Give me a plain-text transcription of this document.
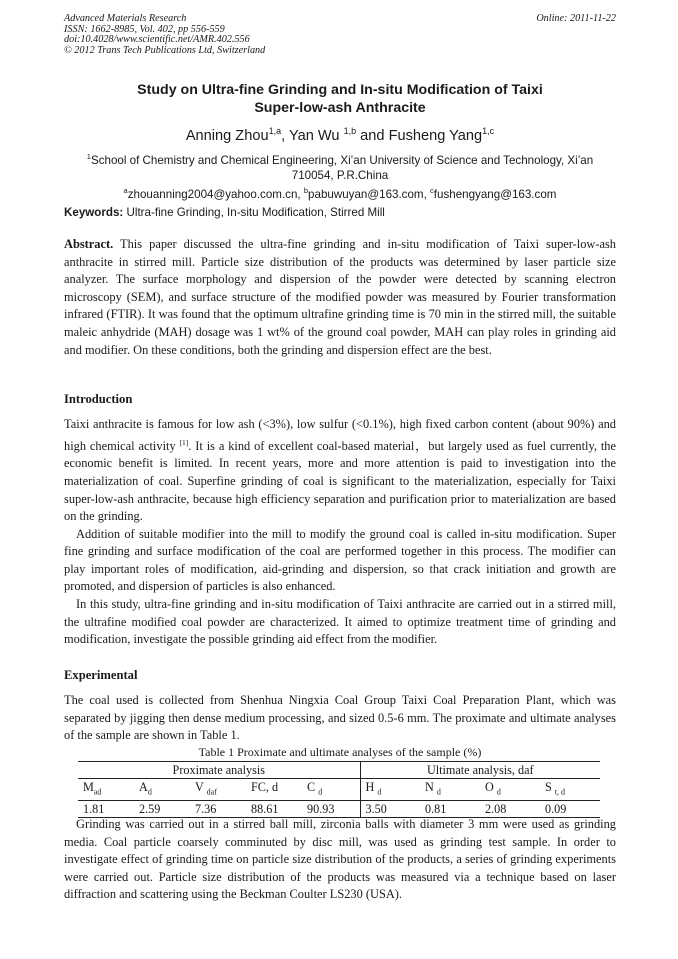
Advanced Materials Research
ISSN: 1662-8985, Vol. 402, pp 556-559
doi:10.4028/www.scientific.net/AMR.402.556
© 2012 Trans Tech Publications Ltd, Switzerland
Online: 2011-11-22
Study on Ultra-fine Grinding and In-situ Modification of Taixi
Super-low-ash Anthracite
Anning Zhou$^{1,a}$, Yan Wu $^{1,b}$ and Fusheng Yang$^{1,c}$
$^1$School of Chemistry and Chemical Engineering, Xi’an University of Science and Technology, Xi’an
710054, P.R.China
$^a$zhouanning2004@yahoo.com.cn, $^b$pabuwuyan@163.com, $^c$fushengyang@163.com
Keywords: Ultra-fine Grinding, In-situ Modification, Stirred Mill
Abstract. This paper discussed the ultra-fine grinding and in-situ modification of Taixi super-low-ash anthracite in stirred mill. Particle size distribution of the products was determined by laser particle size analyzer. The surface morphology and dispersion of the powder were detected by scanning electron microscopy (SEM), and surface structure of the modified powder was measured by Fourier transformation infrared (FTIR). It was found that the optimum ultrafine grinding time is 70 min in the stirred mill, the suitable maleic anhydride (MAH) dosage was 1 wt% of the ground coal powder, MAH can play roles in grinding aid and modifier. On these conditions, both the grinding and dispersion effect are the best.
Introduction

Taixi anthracite is famous for low ash (<3%), low sulfur (<0.1%), high fixed carbon content (about 90%) and high chemical activity [1]. It is a kind of excellent coal-based material，but largely used as fuel currently, the economic benefit is limited. In recent years, more and more attention is paid to investigation into the materialization of coal. Superfine grinding of coal is significant to the materialization, especially for Taixi super-low-ash anthracite, because high efficiency separation and purification prior to materialization are based on the grinding.

Addition of suitable modifier into the mill to modify the ground coal is called in-situ modification. Super fine grinding and surface modification of the coal are performed together in this process. The modifier can play important roles of modification, aid-grinding and dispersion, so that crack initiation and growth are promoted, and dispersion of particles is also enhanced.

In this study, ultra-fine grinding and in-situ modification of Taixi anthracite are carried out in a stirred mill, the ultrafine modified coal powder are characterized. It aimed to optimize treatment time of grinding and modification, investigate the possible grinding aid effect from the modifier.

Experimental
The coal used is collected from Shenhua Ningxia Coal Group Taixi Coal Preparation Plant, which was separated by jigging then dense medium processing, and sized 0.5-6 mm. The proximate and ultimate analyses of the sample are shown in Table 1.
Table 1 Proximate and ultimate analyses of the sample (%)
Proximate analysis					Ultimate analysis, daf			
$M_{ad}$	$A_d$	V $_{daf}$	FC, d	C $_d$	H $_d$	N $_d$	O $_d$	S $_{t, d}$
1.81	2.59	7.36	88.61	90.93	3.50	0.81	2.08	0.09

Grinding was carried out in a stirred ball mill, zirconia balls with diameter 3 mm were used as grinding media. Coal particle coarsely comminuted by disc mill, was used as grinding test sample. In order to investigate effect of grinding time on particle size distribution of the products, a series of grinding experiments were carried out. Particle size distribution of the products was measured via a technique based on laser diffraction and scattering using the Beckman Coulter LS230 (USA).
